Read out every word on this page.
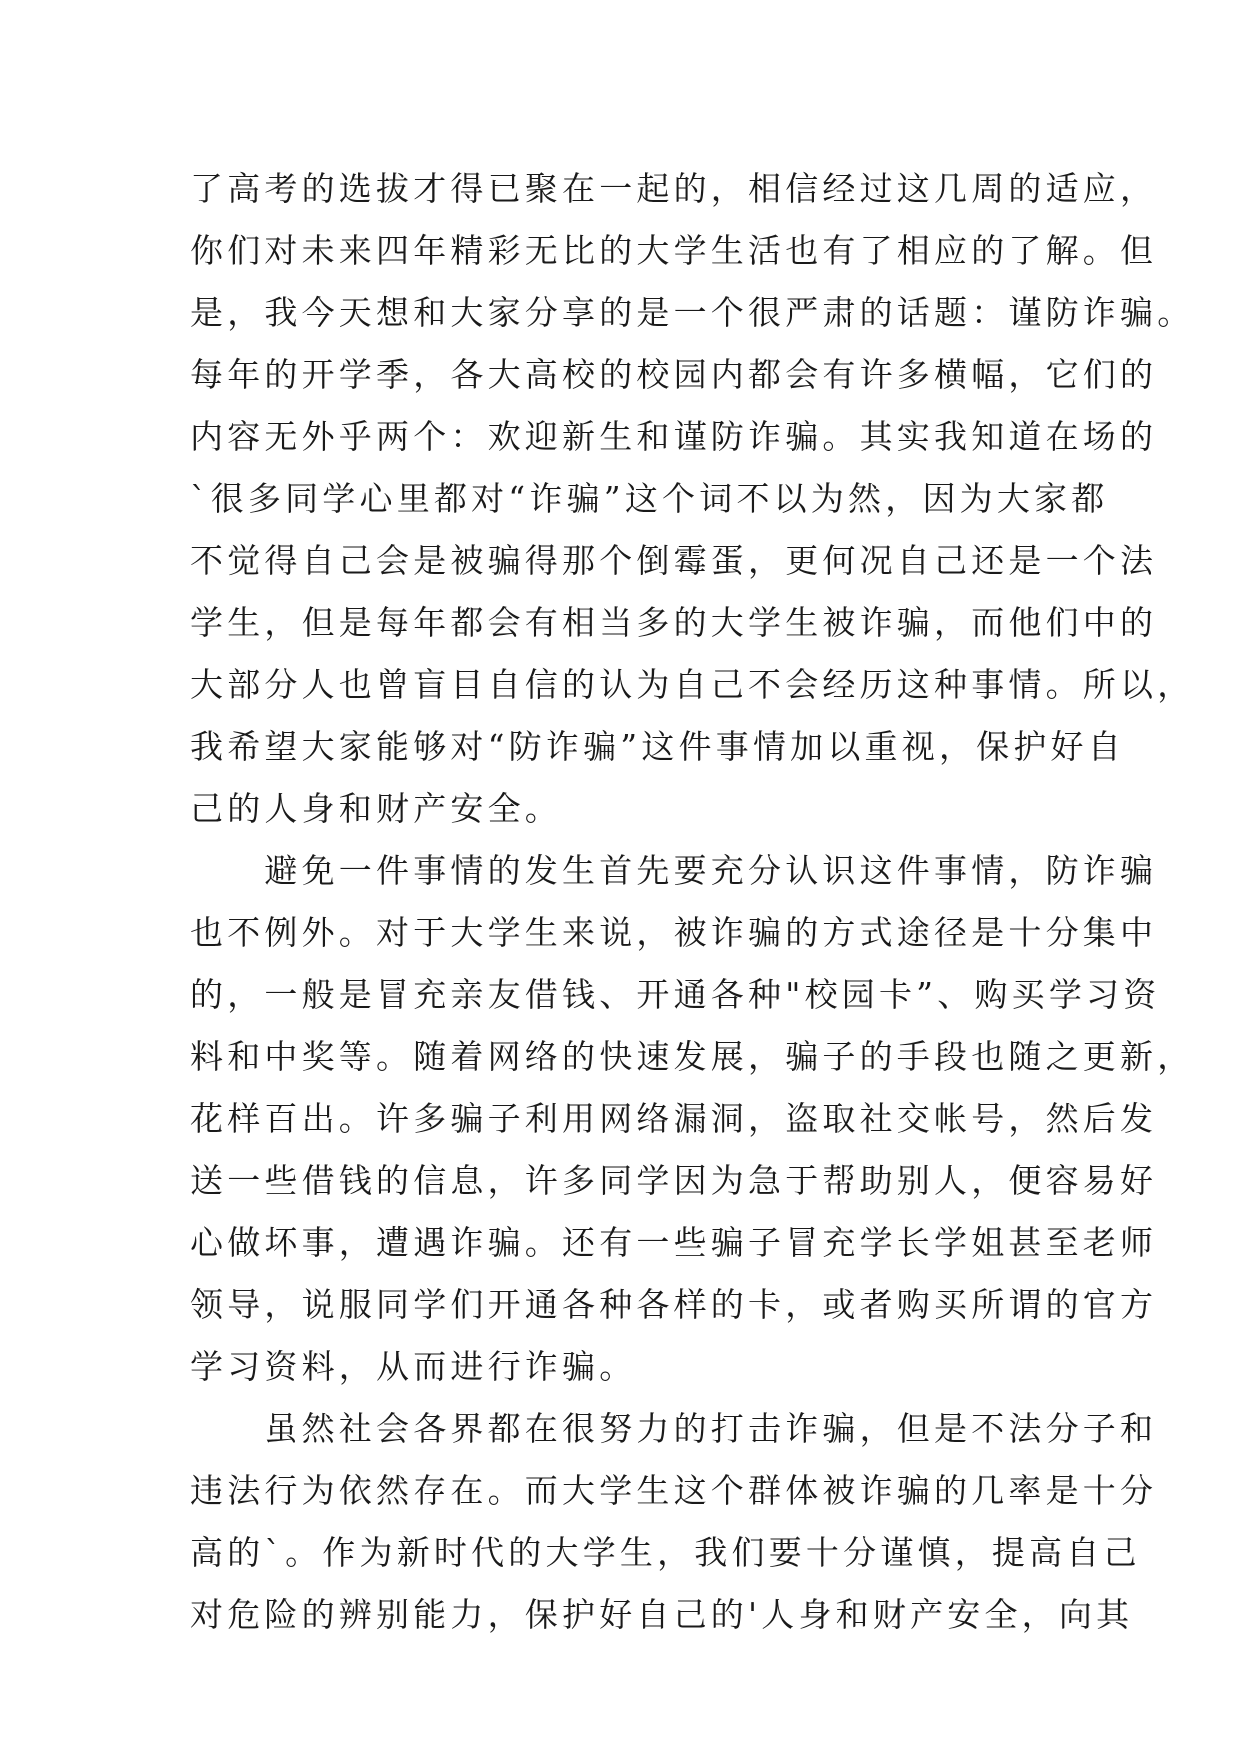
了高考的选拔才得已聚在一起的，相信经过这几周的适应，
你们对未来四年精彩无比的大学生活也有了相应的了解。但
是，我今天想和大家分享的是一个很严肃的话题：谨防诈骗。
每年的开学季，各大高校的校园内都会有许多横幅，它们的
内容无外乎两个：欢迎新生和谨防诈骗。其实我知道在场的
`很多同学心里都对“诈骗”这个词不以为然，因为大家都
不觉得自己会是被骗得那个倒霉蛋，更何况自己还是一个法
学生，但是每年都会有相当多的大学生被诈骗，而他们中的
大部分人也曾盲目自信的认为自己不会经历这种事情。所以，
我希望大家能够对“防诈骗”这件事情加以重视，保护好自
己的人身和财产安全。
　　避免一件事情的发生首先要充分认识这件事情，防诈骗
也不例外。对于大学生来说，被诈骗的方式途径是十分集中
的，一般是冒充亲友借钱、开通各种"校园卡”、购买学习资
料和中奖等。随着网络的快速发展，骗子的手段也随之更新，
花样百出。许多骗子利用网络漏洞，盗取社交帐号，然后发
送一些借钱的信息，许多同学因为急于帮助别人，便容易好
心做坏事，遭遇诈骗。还有一些骗子冒充学长学姐甚至老师
领导，说服同学们开通各种各样的卡，或者购买所谓的官方
学习资料，从而进行诈骗。
　　虽然社会各界都在很努力的打击诈骗，但是不法分子和
违法行为依然存在。而大学生这个群体被诈骗的几率是十分
高的`。作为新时代的大学生，我们要十分谨慎，提高自己
对危险的辨别能力，保护好自己的'人身和财产安全，向其
